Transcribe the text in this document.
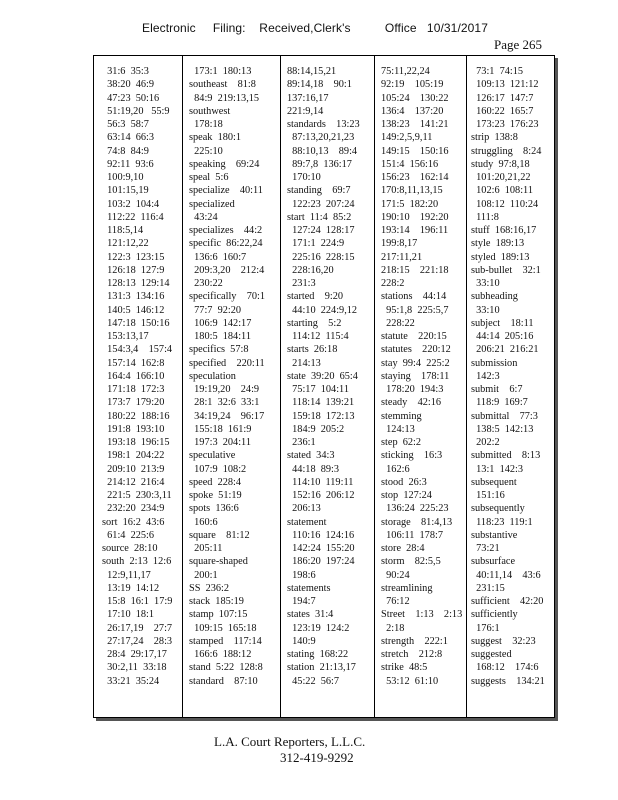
Electronic     Filing:    Received,Clerk's          Office   10/31/2017
Page 265
31:6  35:3
38:20  46:9
47:23  50:16
51:19,20   55:9
56:3  58:7
63:14  66:3
74:8  84:9
92:11  93:6
100:9,10
101:15,19
103:2  104:4
112:22  116:4
118:5,14
121:12,22
122:3  123:15
126:18  127:9
128:13  129:14
131:3  134:16
140:5  146:12
147:18  150:16
153:13,17
154:3,4    157:4
157:14  162:8
164:4  166:10
171:18  172:3
173:7  179:20
180:22  188:16
191:8  193:10
193:18  196:15
198:1  204:22
209:10  213:9
214:12  216:4
221:5  230:3,11
232:20  234:9
sort  16:2  43:6
61:4  225:6
source  28:10
south  2:13  12:6
12:9,11,17
13:19  14:12
15:8  16:1  17:9
17:10  18:1
26:17,19    27:7
27:17,24    28:3
28:4  29:17,17
30:2,11  33:18
33:21  35:24
173:1  180:13
southeast    81:8
84:9  219:13,15
southwest
178:18
speak  180:1
225:10
speaking    69:24
speal  5:6
specialize    40:11
specialized
43:24
specializes    44:2
specific  86:22,24
136:6  160:7
209:3,20    212:4
230:22
specifically    70:1
77:7  92:20
106:9  142:17
180:5  184:11
specifics  57:8
specified    220:11
speculation
19:19,20    24:9
28:1  32:6  33:1
34:19,24    96:17
155:18  161:9
197:3  204:11
speculative
107:9  108:2
speed  228:4
spoke  51:19
spots  136:6
160:6
square    81:12
205:11
square-shaped
200:1
SS  236:2
stack  185:19
stamp  107:15
109:15  165:18
stamped    117:14
166:6  188:12
stand  5:22  128:8
standard    87:10
88:14,15,21
89:14,18    90:1
137:16,17
221:9,14
standards    13:23
87:13,20,21,23
88:10,13    89:4
89:7,8  136:17
170:10
standing    69:7
122:23  207:24
start  11:4  85:2
127:24  128:17
171:1  224:9
225:16  228:15
228:16,20
231:3
started    9:20
44:10  224:9,12
starting    5:2
114:12  115:4
starts  26:18
214:13
state  39:20  65:4
75:17  104:11
118:14  139:21
159:18  172:13
184:9  205:2
236:1
stated  34:3
44:18  89:3
114:10  119:11
152:16  206:12
206:13
statement
110:16  124:16
142:24  155:20
186:20  197:24
198:6
statements
194:7
states  31:4
123:19  124:2
140:9
stating  168:22
station  21:13,17
45:22  56:7
75:11,22,24
92:19    105:19
105:24    130:22
136:4    137:20
138:23    141:21
149:2,5,9,11
149:15    150:16
151:4  156:16
156:23    162:14
170:8,11,13,15
171:5  182:20
190:10    192:20
193:14    196:11
199:8,17
217:11,21
218:15    221:18
228:2
stations    44:14
95:1,8  225:5,7
228:22
statute    220:15
statutes    220:12
stay  99:4  225:2
staying    178:11
178:20  194:3
steady    42:16
stemming
124:13
step  62:2
sticking    16:3
162:6
stood  26:3
stop  127:24
136:24  225:23
storage    81:4,13
106:11  178:7
store  28:4
storm    82:5,5
90:24
streamlining
76:12
Street    1:13    2:13
2:18
strength    222:1
stretch    212:8
strike  48:5
53:12  61:10
73:1  74:15
109:13  121:12
126:17  147:7
160:22  165:7
173:23  176:23
strip  138:8
struggling    8:24
study  97:8,18
101:20,21,22
102:6  108:11
108:12  110:24
111:8
stuff  168:16,17
style  189:13
styled  189:13
sub-bullet    32:1
33:10
subheading
33:10
subject    18:11
44:14  205:16
206:21  216:21
submission
142:3
submit    6:7
118:9  169:7
submittal    77:3
138:5  142:13
202:2
submitted    8:13
13:1  142:3
subsequent
151:16
subsequently
118:23  119:1
substantive
73:21
subsurface
40:11,14    43:6
231:15
sufficient    42:20
sufficiently
176:1
suggest    32:23
suggested
168:12    174:6
suggests    134:21
L.A. Court Reporters, L.L.C.
312-419-9292
